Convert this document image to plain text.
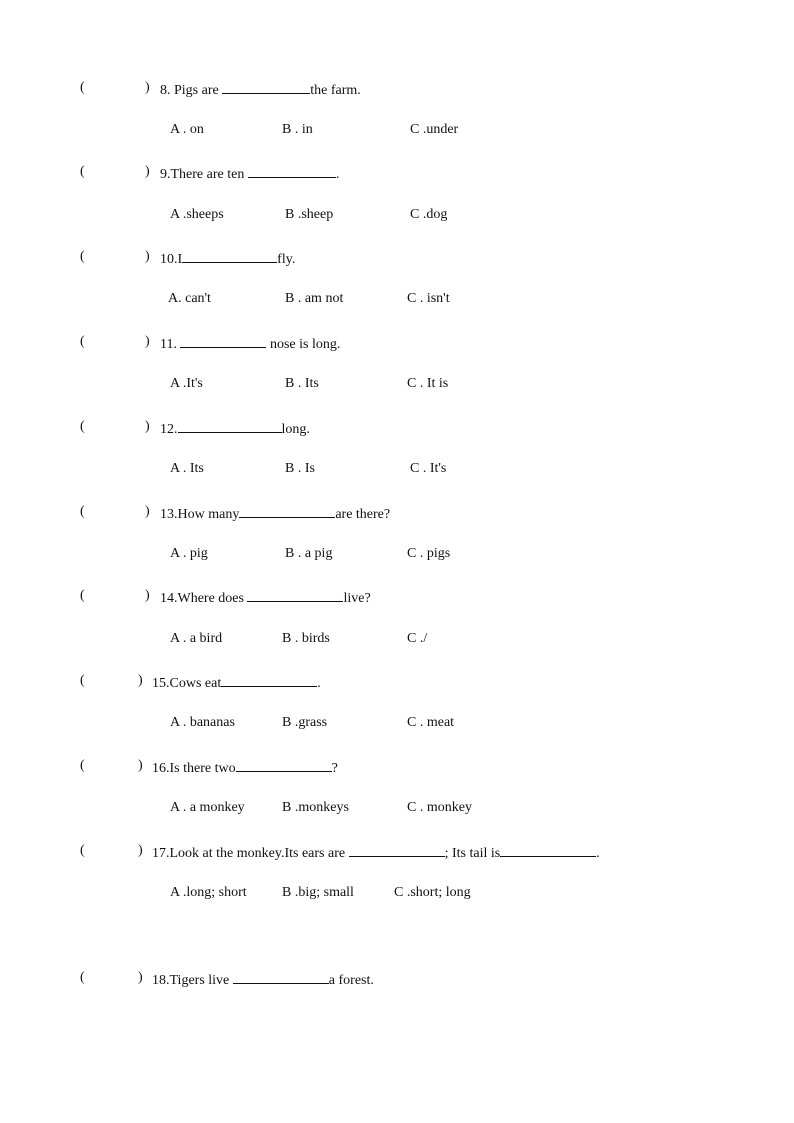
(	) 8. Pigs are	the farm.
A . on	B . in	C .under
(	) 9.There are ten	.
A .sheeps	B .sheep	C .dog
(	) 10.I	fly.
A. can't	B . am not	C . isn't
(	) 11.	nose is long.
A .It's	B . Its	C . It is
(	) 12.	long.
A . Its	B . Is	C . It's
(	) 13.How many	are there?
A . pig	B . a pig	C . pigs
(	) 14.Where does	live?
A . a bird	B . birds	C ./
(	) 15.Cows eat	.
A . bananas	B .grass	C . meat
(	) 16.Is there two	?
A . a monkey	B .monkeys	C . monkey
(	) 17.Look at the monkey.Its ears are	; Its tail is	.
A .long; short	B .big; small	C .short; long
(	) 18.Tigers live	a forest.
